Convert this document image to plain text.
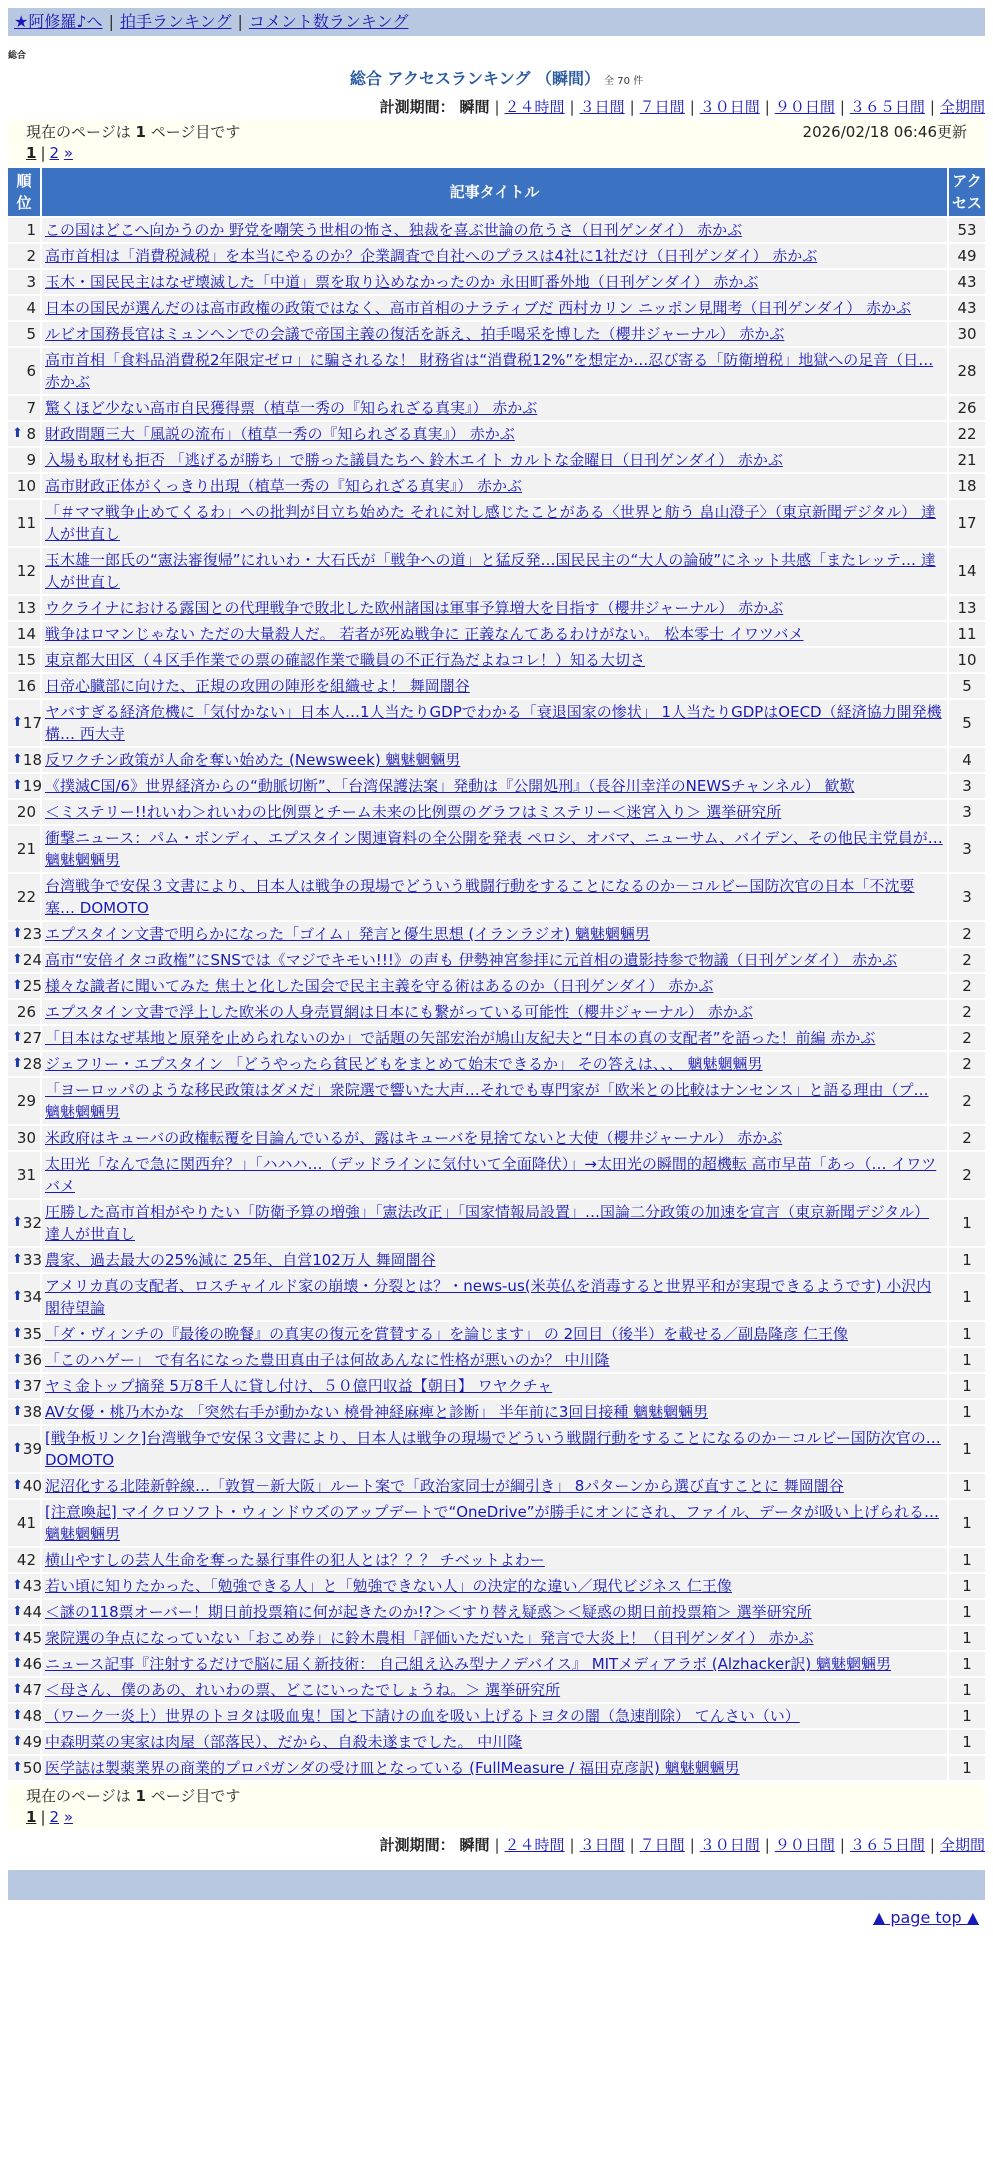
★阿修羅♪へ | 拍手ランキング | コメント数ランキング
総合
総合 アクセスランキング （瞬間） 全 70 件
計測期間： 瞬間 | ２４時間 | ３日間 | ７日間 | ３０日間 | ９０日間 | ３６５日間 | 全期間
現在のページは 1 ページ目です	2026/02/18 06:46更新
1 | 2 »
順位	記事タイトル	アクセス
1	この国はどこへ向かうのか 野党を嘲笑う世相の怖さ、独裁を喜ぶ世論の危うさ（日刊ゲンダイ） 赤かぶ	53
2	高市首相は「消費税減税」を本当にやるのか？企業調査で自社へのプラスは4社に1社だけ（日刊ゲンダイ） 赤かぶ	49
3	玉木・国民民主はなぜ壊滅した「中道」票を取り込めなかったのか 永田町番外地（日刊ゲンダイ） 赤かぶ	43
4	日本の国民が選んだのは高市政権の政策ではなく、高市首相のナラティブだ 西村カリン ニッポン見聞考（日刊ゲンダイ） 赤かぶ	43
5	ルビオ国務長官はミュンヘンでの会議で帝国主義の復活を訴え、拍手喝采を博した（櫻井ジャーナル） 赤かぶ	30
6	高市首相「食料品消費税2年限定ゼロ」に騙されるな！ 財務省は“消費税12%”を想定か…忍び寄る「防衛増税」地獄への足音（日… 赤かぶ	28
7	驚くほど少ない高市自民獲得票（植草一秀の『知られざる真実』） 赤かぶ	26

⬆ 8	財政問題三大「風説の流布」（植草一秀の『知られざる真実』） 赤かぶ	22
9	入場も取材も拒否 「逃げるが勝ち」で勝った議員たちへ 鈴木エイト カルトな金曜日（日刊ゲンダイ） 赤かぶ	21
10	高市財政正体がくっきり出現（植草一秀の『知られざる真実』） 赤かぶ	18
11	「＃ママ戦争止めてくるわ」への批判が目立ち始めた それに対し感じたことがある〈世界と舫う 畠山澄子〉（東京新聞デジタル） 達人が世直し	17
12	玉木雄一郎氏の“憲法審復帰”にれいわ・大石氏が「戦争への道」と猛反発…国民民主の“大人の論破”にネット共感「またレッテ… 達人が世直し	14
13	ウクライナにおける露国との代理戦争で敗北した欧州諸国は軍事予算増大を目指す（櫻井ジャーナル） 赤かぶ	13
14	戦争はロマンじゃない ただの大量殺人だ。 若者が死ぬ戦争に 正義なんてあるわけがない。 松本零士 イワツバメ	11
15	東京都大田区（４区手作業での票の確認作業で職員の不正行為だよねコレ！）知る大切さ	10
16	日帝心臓部に向けた、正規の攻囲の陣形を組織せよ！ 舞岡闇谷	5

⬆ 17	ヤバすぎる経済危機に「気付かない」日本人…1人当たりGDPでわかる「衰退国家の惨状」 1人当たりGDPはOECD（経済協力開発機構… 西大寺	5

⬆ 18	反ワクチン政策が人命を奪い始めた (Newsweek) 魑魅魍魎男	4

⬆ 19	《撲滅C国/6》世界経済からの“動脈切断”、「台湾保護法案」発動は『公開処刑』（長谷川幸洋のNEWSチャンネル） 歓歎	3
20	＜ミステリー!!れいわ＞れいわの比例票とチーム未来の比例票のグラフはミステリー＜迷宮入り＞ 選挙研究所	3
21	衝撃ニュース：パム・ボンディ、エプスタイン関連資料の全公開を発表 ペロシ、オバマ、ニューサム、バイデン、その他民主党員が… 魑魅魍魎男	3
22	台湾戦争で安保３文書により、日本人は戦争の現場でどういう戦闘行動をすることになるのか－コルビー国防次官の日本「不沈要塞… DOMOTO	3

⬆ 23	エプスタイン文書で明らかになった「ゴイム」発言と優生思想 (イランラジオ) 魑魅魍魎男	2

⬆ 24	高市“安倍イタコ政権”にSNSでは《マジでキモい!!!》の声も 伊勢神宮参拝に元首相の遺影持参で物議（日刊ゲンダイ） 赤かぶ	2

⬆ 25	様々な識者に聞いてみた 焦土と化した国会で民主主義を守る術はあるのか（日刊ゲンダイ） 赤かぶ	2
26	エプスタイン文書で浮上した欧米の人身売買網は日本にも繋がっている可能性（櫻井ジャーナル） 赤かぶ	2

⬆ 27	「日本はなぜ基地と原発を止められないのか」で話題の矢部宏治が鳩山友紀夫と“日本の真の支配者”を語った！前編 赤かぶ	2

⬆ 28	ジェフリー・エプスタイン 「どうやったら貧民どもをまとめて始末できるか」 その答えは、、、 魑魅魍魎男	2
29	「ヨーロッパのような移民政策はダメだ」衆院選で響いた大声…それでも専門家が「欧米との比較はナンセンス」と語る理由（プ… 魑魅魍魎男	2
30	米政府はキューバの政権転覆を目論んでいるが、露はキューバを見捨てないと大使（櫻井ジャーナル） 赤かぶ	2
31	太田光「なんで急に関西弁？」「ハハハ…（デッドラインに気付いて全面降伏）」→太田光の瞬間的超機転 高市早苗「あっ（… イワツバメ	2

⬆ 32	圧勝した高市首相がやりたい「防衛予算の増強」「憲法改正」「国家情報局設置」…国論二分政策の加速を宣言（東京新聞デジタル） 達人が世直し	1

⬆ 33	農家、過去最大の25%減に 25年、自営102万人 舞岡闇谷	1

⬆ 34	アメリカ真の支配者、ロスチャイルド家の崩壊・分裂とは？・news-us(米英仏を消毒すると世界平和が実現できるようです) 小沢内閣待望論	1

⬆ 35	「ダ・ヴィンチの『最後の晩餐』の真実の復元を賞賛する」を論じます」 の 2回目（後半）を載せる／副島隆彦 仁王像	1

⬆ 36	「このハゲー」 で有名になった豊田真由子は何故あんなに性格が悪いのか？ 中川隆	1

⬆ 37	ヤミ金トップ摘発 5万8千人に貸し付け、５０億円収益【朝日】 ワヤクチャ	1

⬆ 38	AV女優・桃乃木かな 「突然右手が動かない 橈骨神経麻痺と診断」 半年前に3回目接種 魑魅魍魎男	1

⬆ 39	[戦争板リンク]台湾戦争で安保３文書により、日本人は戦争の現場でどういう戦闘行動をすることになるのか－コルビー国防次官の… DOMOTO	1

⬆ 40	泥沼化する北陸新幹線…「敦賀－新大阪」ルート案で「政治家同士が綱引き」 8パターンから選び直すことに 舞岡闇谷	1
41	[注意喚起] マイクロソフト・ウィンドウズのアップデートで“OneDrive”が勝手にオンにされ、ファイル、データが吸い上げられる… 魑魅魍魎男	1
42	横山やすしの芸人生命を奪った暴行事件の犯人とは？？？ チベットよわー	1

⬆ 43	若い頃に知りたかった、「勉強できる人」と「勉強できない人」の決定的な違い／現代ビジネス 仁王像	1

⬆ 44	＜謎の118票オーバー！期日前投票箱に何が起きたのか!?＞＜すり替え疑惑＞＜疑惑の期日前投票箱＞ 選挙研究所	1

⬆ 45	衆院選の争点になっていない「おこめ券」に鈴木農相「評価いただいた」発言で大炎上！（日刊ゲンダイ） 赤かぶ	1

⬆ 46	ニュース記事『注射するだけで脳に届く新技術： 自己組え込み型ナノデバイス』 MITメディアラボ (Alzhacker訳) 魑魅魍魎男	1

⬆ 47	＜母さん、僕のあの、れいわの票、どこにいったでしょうね。＞ 選挙研究所	1

⬆ 48	（ワーク一炎上）世界のトヨタは吸血鬼！国と下請けの血を吸い上げるトヨタの闇（急速削除） てんさい（い）	1

⬆ 49	中森明菜の実家は肉屋（部落民）、だから、自殺未遂までした。 中川隆	1

⬆ 50	医学誌は製薬業界の商業的プロパガンダの受け皿となっている (FullMeasure / 福田克彦訳) 魑魅魍魎男	1
現在のページは 1 ページ目です
1 | 2 »
計測期間： 瞬間 | ２４時間 | ３日間 | ７日間 | ３０日間 | ９０日間 | ３６５日間 | 全期間
▲ page top ▲
